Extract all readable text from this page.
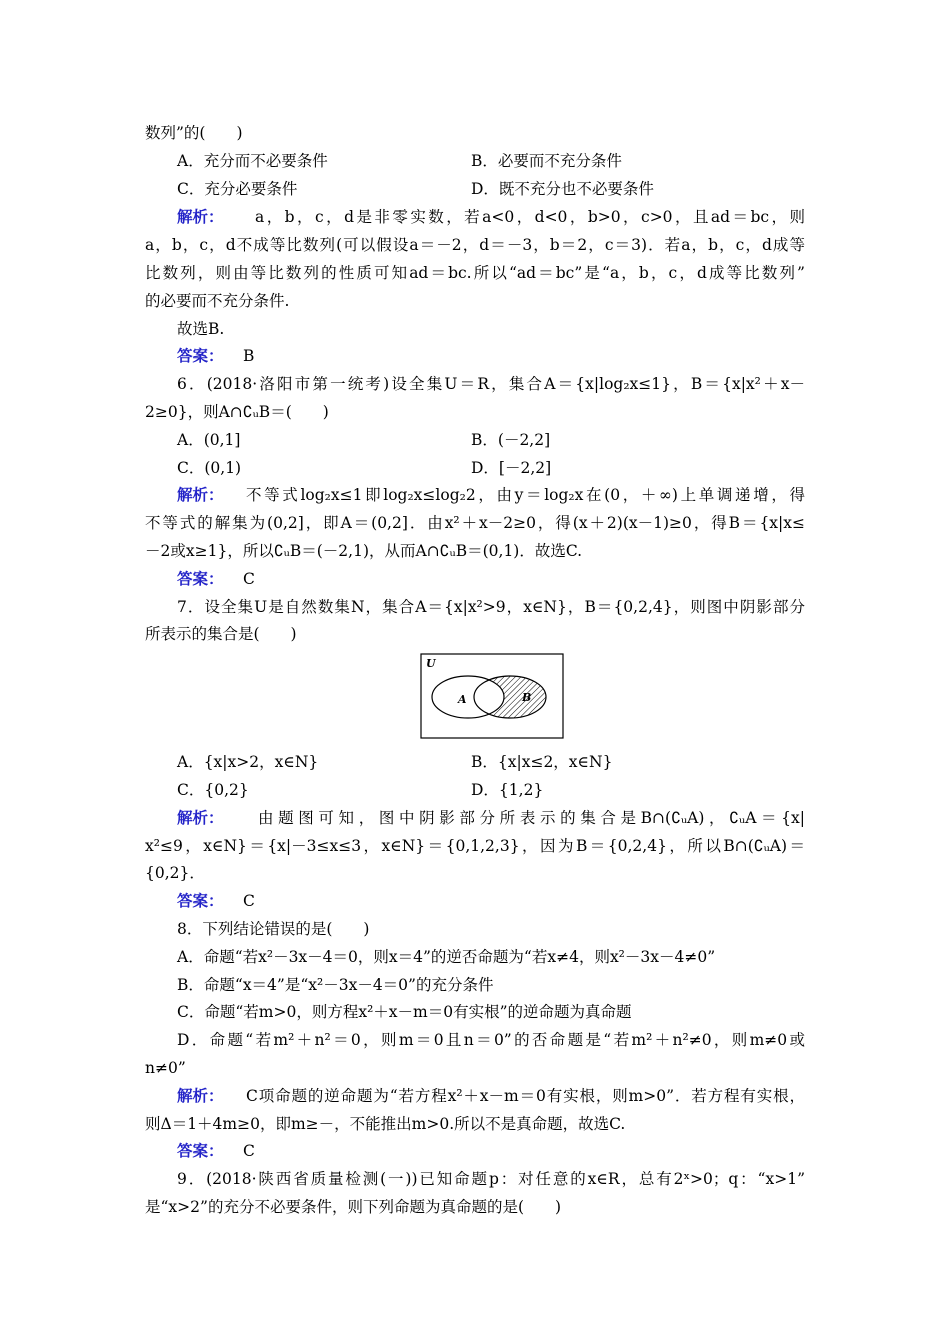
数列”的(　　)
A．充分而不必要条件	B．必要而不充分条件
C．充分必要条件	D．既不充分也不必要条件
解析： a，b，c，d是非零实数，若a<0，d<0，b>0，c>0，且ad＝bc，则
a，b，c，d不成等比数列(可以假设a＝－2，d＝－3，b＝2，c＝3)．若a，b，c，d成等
比数列，则由等比数列的性质可知ad＝bc.所以“ad＝bc”是“a，b，c，d成等比数列”
的必要而不充分条件.
故选B.
答案： B
6．(2018·洛阳市第一统考)设全集U＝R，集合A＝{x|log₂x≤1}，B＝{x|x²＋x－
2≥0}，则A∩∁ᵤB＝(　　)
A．(0,1]	B．(－2,2]
C．(0,1)	D．[－2,2]
解析： 不等式log₂x≤1即log₂x≤log₂2，由y＝log₂x在(0，＋∞)上单调递增，得
不等式的解集为(0,2]，即A＝(0,2]．由x²＋x－2≥0，得(x＋2)(x－1)≥0，得B＝{x|x≤
－2或x≥1}，所以∁ᵤB＝(－2,1)，从而A∩∁ᵤB＝(0,1)．故选C.
答案： C
7．设全集U是自然数集N，集合A＝{x|x²>9，x∈N}，B＝{0,2,4}，则图中阴影部分
所表示的集合是(　　)
U
A	B
A．{x|x>2，x∈N}	B．{x|x≤2，x∈N}
C．{0,2}	D．{1,2}
解析： 由题图可知，图中阴影部分所表示的集合是B∩(∁ᵤA)，∁ᵤA＝{x|
x²≤9，x∈N}＝{x|－3≤x≤3，x∈N}＝{0,1,2,3}，因为B＝{0,2,4}，所以B∩(∁ᵤA)＝
{0,2}．
答案： C
8．下列结论错误的是(　　)
A．命题“若x²－3x－4＝0，则x＝4”的逆否命题为“若x≠4，则x²－3x－4≠0”
B．命题“x＝4”是“x²－3x－4＝0”的充分条件
C．命题“若m>0，则方程x²＋x－m＝0有实根”的逆命题为真命题
D．命题“若m²＋n²＝0，则m＝0且n＝0”的否命题是“若m²＋n²≠0，则m≠0或
n≠0”
解析： C项命题的逆命题为“若方程x²＋x－m＝0有实根，则m>0”．若方程有实根，
则Δ＝1＋4m≥0，即m≥－，不能推出m>0.所以不是真命题，故选C.
答案： C
9．(2018·陕西省质量检测(一))已知命题p：对任意的x∈R，总有2ˣ>0；q：“x>1”
是“x>2”的充分不必要条件，则下列命题为真命题的是(　　)
